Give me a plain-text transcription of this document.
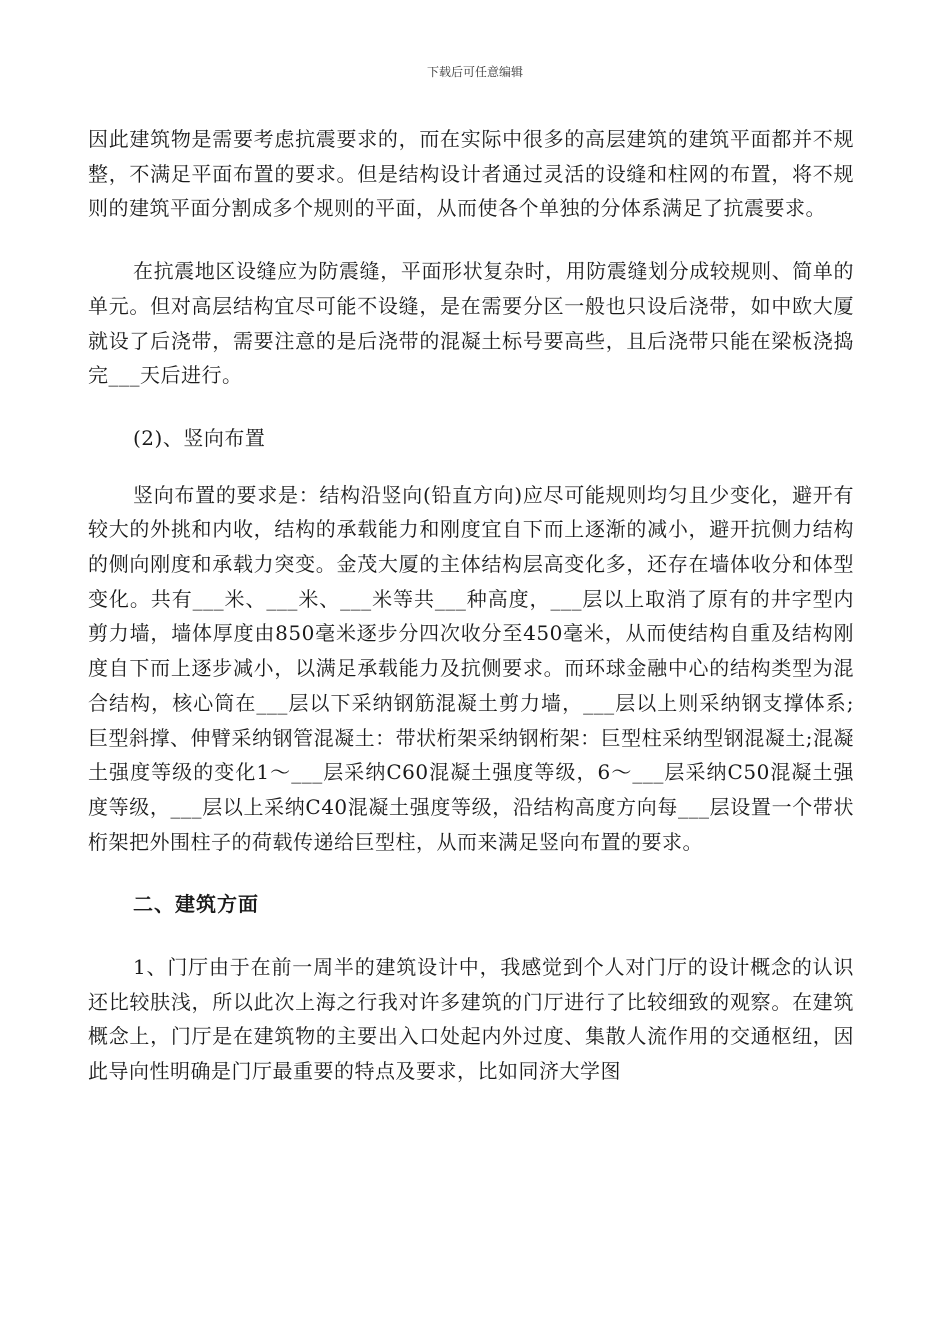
下载后可任意编辑

因此建筑物是需要考虑抗震要求的，而在实际中很多的高层建筑的建筑平面都并不规整，不满足平面布置的要求。但是结构设计者通过灵活的设缝和柱网的布置，将不规则的建筑平面分割成多个规则的平面，从而使各个单独的分体系满足了抗震要求。

在抗震地区设缝应为防震缝，平面形状复杂时，用防震缝划分成较规则、简单的单元。但对高层结构宜尽可能不设缝，是在需要分区一般也只设后浇带，如中欧大厦就设了后浇带，需要注意的是后浇带的混凝土标号要高些，且后浇带只能在梁板浇捣完___天后进行。

(2)、竖向布置

竖向布置的要求是：结构沿竖向(铅直方向)应尽可能规则均匀且少变化，避开有较大的外挑和内收，结构的承载能力和刚度宜自下而上逐渐的减小，避开抗侧力结构的侧向刚度和承载力突变。金茂大厦的主体结构层高变化多，还存在墙体收分和体型变化。共有___米、___米、___米等共___种高度，___层以上取消了原有的井字型内剪力墙，墙体厚度由850毫米逐步分四次收分至450毫米，从而使结构自重及结构刚度自下而上逐步减小，以满足承载能力及抗侧要求。而环球金融中心的结构类型为混合结构，核心筒在___层以下采纳钢筋混凝土剪力墙，___层以上则采纳钢支撑体系;巨型斜撑、伸臂采纳钢管混凝土：带状桁架采纳钢桁架：巨型柱采纳型钢混凝土;混凝土强度等级的变化1～___层采纳C60混凝土强度等级，6～___层采纳C50混凝土强度等级，___层以上采纳C40混凝土强度等级，沿结构高度方向每___层设置一个带状桁架把外围柱子的荷载传递给巨型柱，从而来满足竖向布置的要求。

二、建筑方面

1、门厅由于在前一周半的建筑设计中，我感觉到个人对门厅的设计概念的认识还比较肤浅，所以此次上海之行我对许多建筑的门厅进行了比较细致的观察。在建筑概念上，门厅是在建筑物的主要出入口处起内外过度、集散人流作用的交通枢纽，因此导向性明确是门厅最重要的特点及要求，比如同济大学图
